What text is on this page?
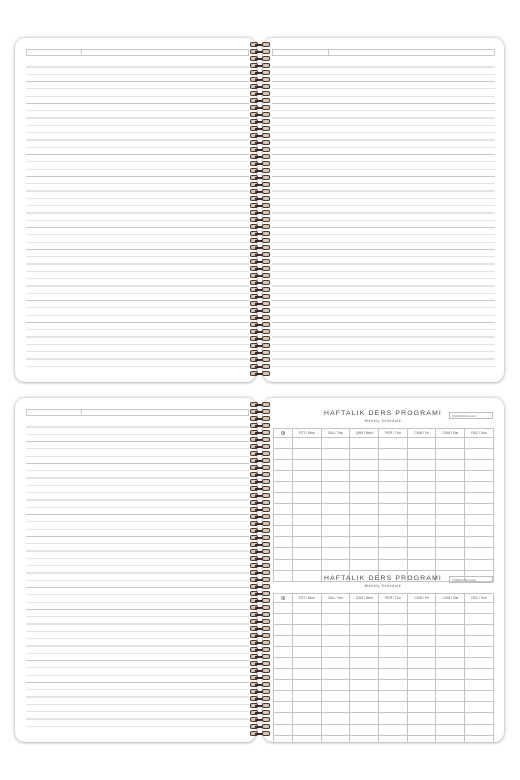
HAFTALIK DERS PROGRAMI
Weekly Schedule
ÖĞRENCİ/Semester
	PZT / Mon	SAL / Tue	ÇAR / Wed	PER / Thu	CUM / Fri	CUM / Sat	PAZ / Sun

HAFTALIK DERS PROGRAMI
Weekly Schedule
ÖĞRENCİ/Semester
	PZT / Mon	SAL / Tue	ÇAR / Wed	PER / Thu	CUM / Fri	CUM / Sat	PAZ / Sun
